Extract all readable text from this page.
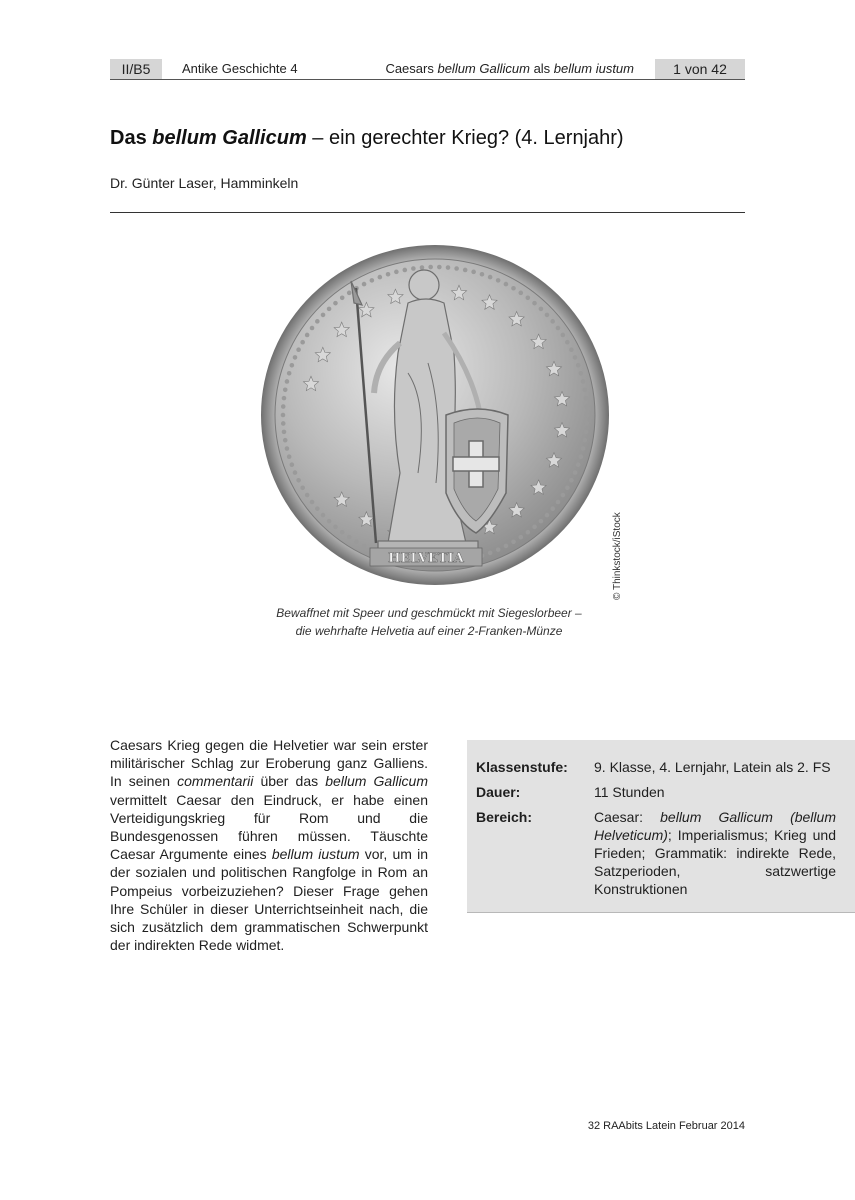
II/B5	Antike Geschichte 4	Caesars bellum Gallicum als bellum iustum	1 von 42
Das bellum Gallicum – ein gerechter Krieg? (4. Lernjahr)
Dr. Günter Laser, Hamminkeln
HELVETIA	© Thinkstock/iStock
Bewaffnet mit Speer und geschmückt mit Siegeslorbeer –
die wehrhafte Helvetia auf einer 2-Franken-Münze
Caesars Krieg gegen die Helvetier war sein erster militärischer Schlag zur Eroberung ganz Galliens. In seinen commentarii über das bellum Gallicum vermittelt Caesar den Eindruck, er habe einen Verteidigungskrieg für Rom und die Bundesgenossen führen müssen. Täuschte Caesar Argumente eines bellum iustum vor, um in der sozialen und politischen Rangfolge in Rom an Pompeius vorbeizuziehen? Dieser Frage gehen Ihre Schüler in dieser Unterrichtseinheit nach, die sich zusätzlich dem grammatischen Schwerpunkt der indirekten Rede widmet.
Klassenstufe:	9. Klasse, 4. Lernjahr, Latein als 2. FS
Dauer:	11 Stunden
Bereich:	Caesar: bellum Gallicum (bellum Helveticum); Imperialismus; Krieg und Frieden; Grammatik: indirekte Rede, Satzperioden, satzwertige Konstruktionen
32 RAAbits Latein Februar 2014
